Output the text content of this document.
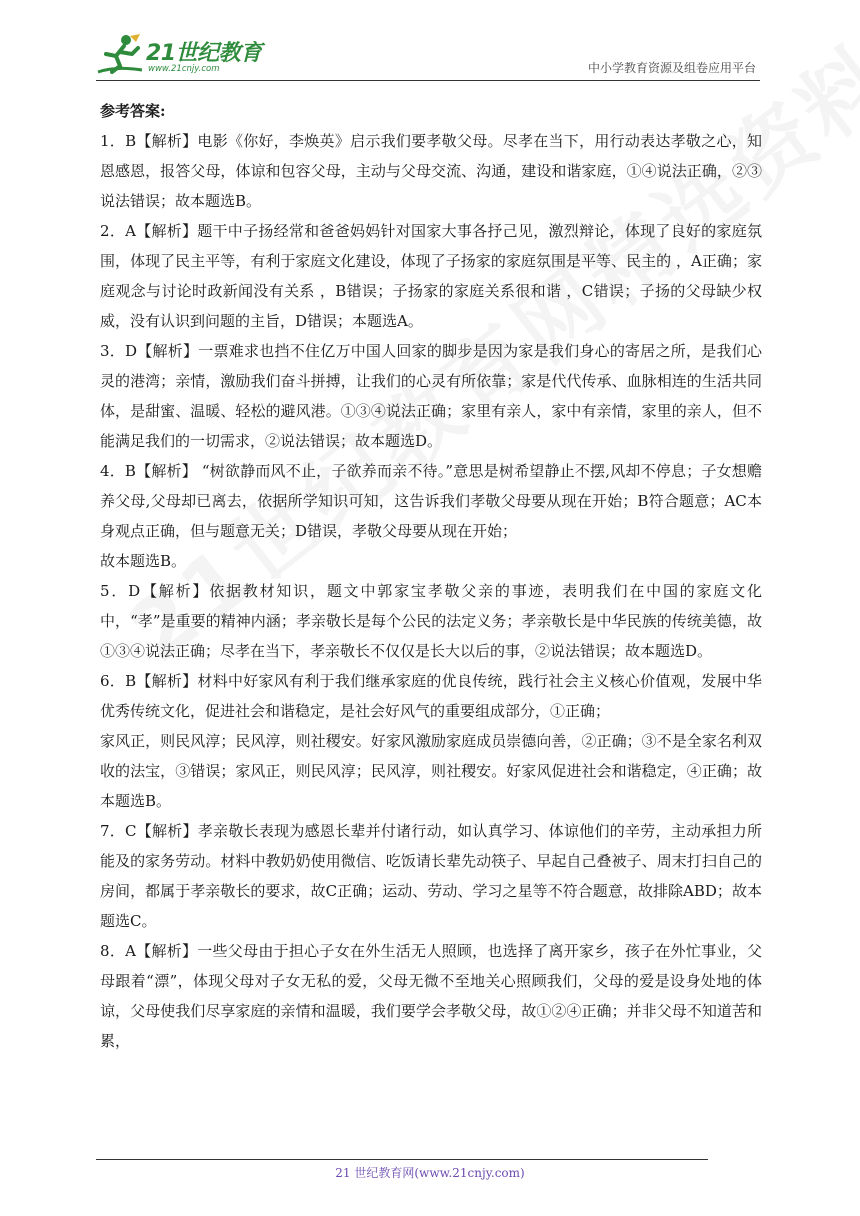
21世纪教育
www.21cnjy.com	中小学教育资源及组卷应用平台

参考答案:

1．B【解析】电影《你好，李焕英》启示我们要孝敬父母。尽孝在当下，用行动表达孝敬之心，知恩感恩，报答父母，体谅和包容父母，主动与父母交流、沟通，建设和谐家庭，①④说法正确，②③说法错误；故本题选B。

2．A【解析】题干中子扬经常和爸爸妈妈针对国家大事各抒己见，激烈辩论，体现了良好的家庭氛围，体现了民主平等，有利于家庭文化建设，体现了子扬家的家庭氛围是平等、民主的 ，A正确；家庭观念与讨论时政新闻没有关系 ，B错误；子扬家的家庭关系很和谐 ，C错误；子扬的父母缺少权威，没有认识到问题的主旨，D错误；本题选A。

3．D【解析】一票难求也挡不住亿万中国人回家的脚步是因为家是我们身心的寄居之所，是我们心灵的港湾；亲情，激励我们奋斗拼搏，让我们的心灵有所依靠；家是代代传承、血脉相连的生活共同体，是甜蜜、温暖、轻松的避风港。①③④说法正确；家里有亲人，家中有亲情，家里的亲人，但不能满足我们的一切需求，②说法错误；故本题选D。

4．B【解析】 “树欲静而风不止，子欲养而亲不待。”意思是树希望静止不摆,风却不停息；子女想赡养父母,父母却已离去，依据所学知识可知，这告诉我们孝敬父母要从现在开始；B符合题意；AC本身观点正确，但与题意无关；D错误，孝敬父母要从现在开始；

故本题选B。

5．D【解析】依据教材知识，题文中郭家宝孝敬父亲的事迹，表明我们在中国的家庭文化中，“孝”是重要的精神内涵；孝亲敬长是每个公民的法定义务；孝亲敬长是中华民族的传统美德，故①③④说法正确；尽孝在当下，孝亲敬长不仅仅是长大以后的事，②说法错误；故本题选D。

6．B【解析】材料中好家风有利于我们继承家庭的优良传统，践行社会主义核心价值观，发展中华优秀传统文化，促进社会和谐稳定，是社会好风气的重要组成部分，①正确；

家风正，则民风淳；民风淳，则社稷安。好家风激励家庭成员崇德向善，②正确；③不是全家名利双收的法宝，③错误；家风正，则民风淳；民风淳，则社稷安。好家风促进社会和谐稳定，④正确；故本题选B。

7．C【解析】孝亲敬长表现为感恩长辈并付诸行动，如认真学习、体谅他们的辛劳，主动承担力所能及的家务劳动。材料中教奶奶使用微信、吃饭请长辈先动筷子、早起自己叠被子、周末打扫自己的房间，都属于孝亲敬长的要求，故C正确；运动、劳动、学习之星等不符合题意，故排除ABD；故本题选C。

8．A【解析】一些父母由于担心子女在外生活无人照顾，也选择了离开家乡，孩子在外忙事业，父母跟着“漂”，体现父母对子女无私的爱，父母无微不至地关心照顾我们，父母的爱是设身处地的体谅，父母使我们尽享家庭的亲情和温暖，我们要学会孝敬父母，故①②④正确；并非父母不知道苦和累，

21 世纪教育网(www.21cnjy.com)
